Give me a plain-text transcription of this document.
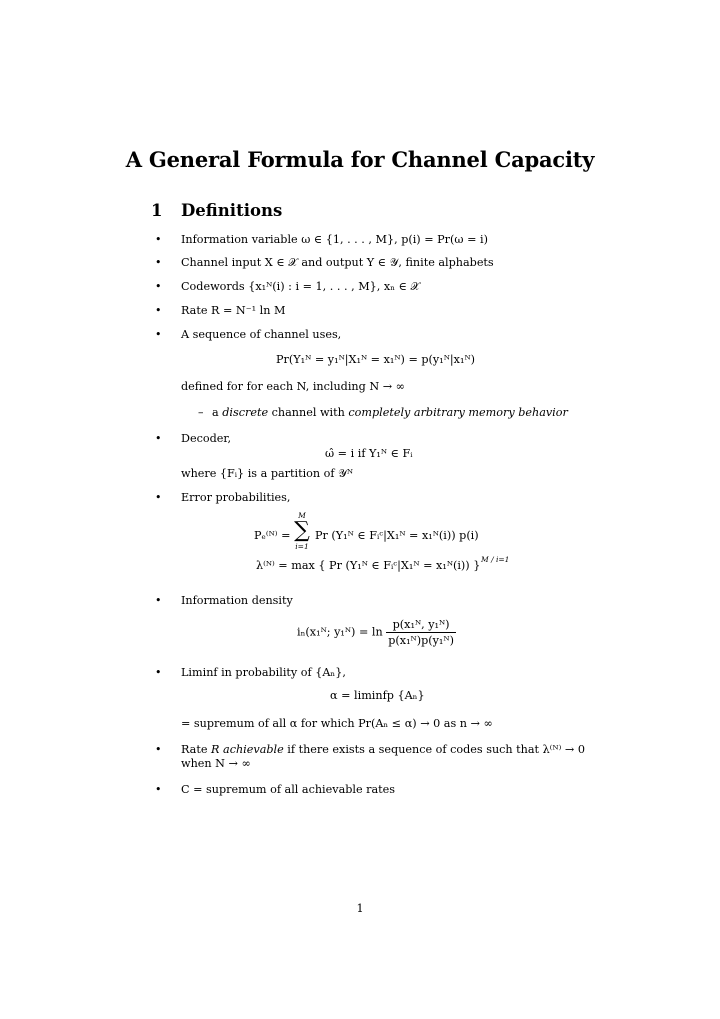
A General Formula for Channel Capacity
1 Definitions
• Information variable ω ∈ {1, . . . , M}, p(i) = Pr(ω = i)
• Channel input X ∈ 𝒳 and output Y ∈ 𝒴, finite alphabets
• Codewords {x₁ᴺ(i) : i = 1, . . . , M}, xₙ ∈ 𝒳
• Rate R = N⁻¹ ln M
• A sequence of channel uses,
Pr(Y₁ᴺ = y₁ᴺ|X₁ᴺ = x₁ᴺ) = p(y₁ᴺ|x₁ᴺ)
defined for for each N, including N → ∞
– a discrete channel with completely arbitrary memory behavior
• Decoder,
ω̂ = i if Y₁ᴺ ∈ Fᵢ
where {Fᵢ} is a partition of 𝒴ᴺ
• Error probabilities,
Pₑ⁽ᴺ⁾ =
M
∑
i=1
Pr (Y₁ᴺ ∈ Fᵢᶜ|X₁ᴺ = x₁ᴺ(i)) p(i)
λ⁽ᴺ⁾ = max { Pr (Y₁ᴺ ∈ Fᵢᶜ|X₁ᴺ = x₁ᴺ(i)) } M / i=1
• Information density
iₙ(x₁ᴺ; y₁ᴺ) = $\ln \frac{\text{p(x₁ᴺ, y₁ᴺ)}}{\text{p(x₁ᴺ)p(y₁ᴺ)}}$
• Liminf in probability of {Aₙ},
α = liminfp {Aₙ}
= supremum of all α for which Pr(Aₙ ≤ α) → 0 as n → ∞
• Rate R achievable if there exists a sequence of codes such that λ⁽ᴺ⁾ → 0
when N → ∞
• C = supremum of all achievable rates
1
